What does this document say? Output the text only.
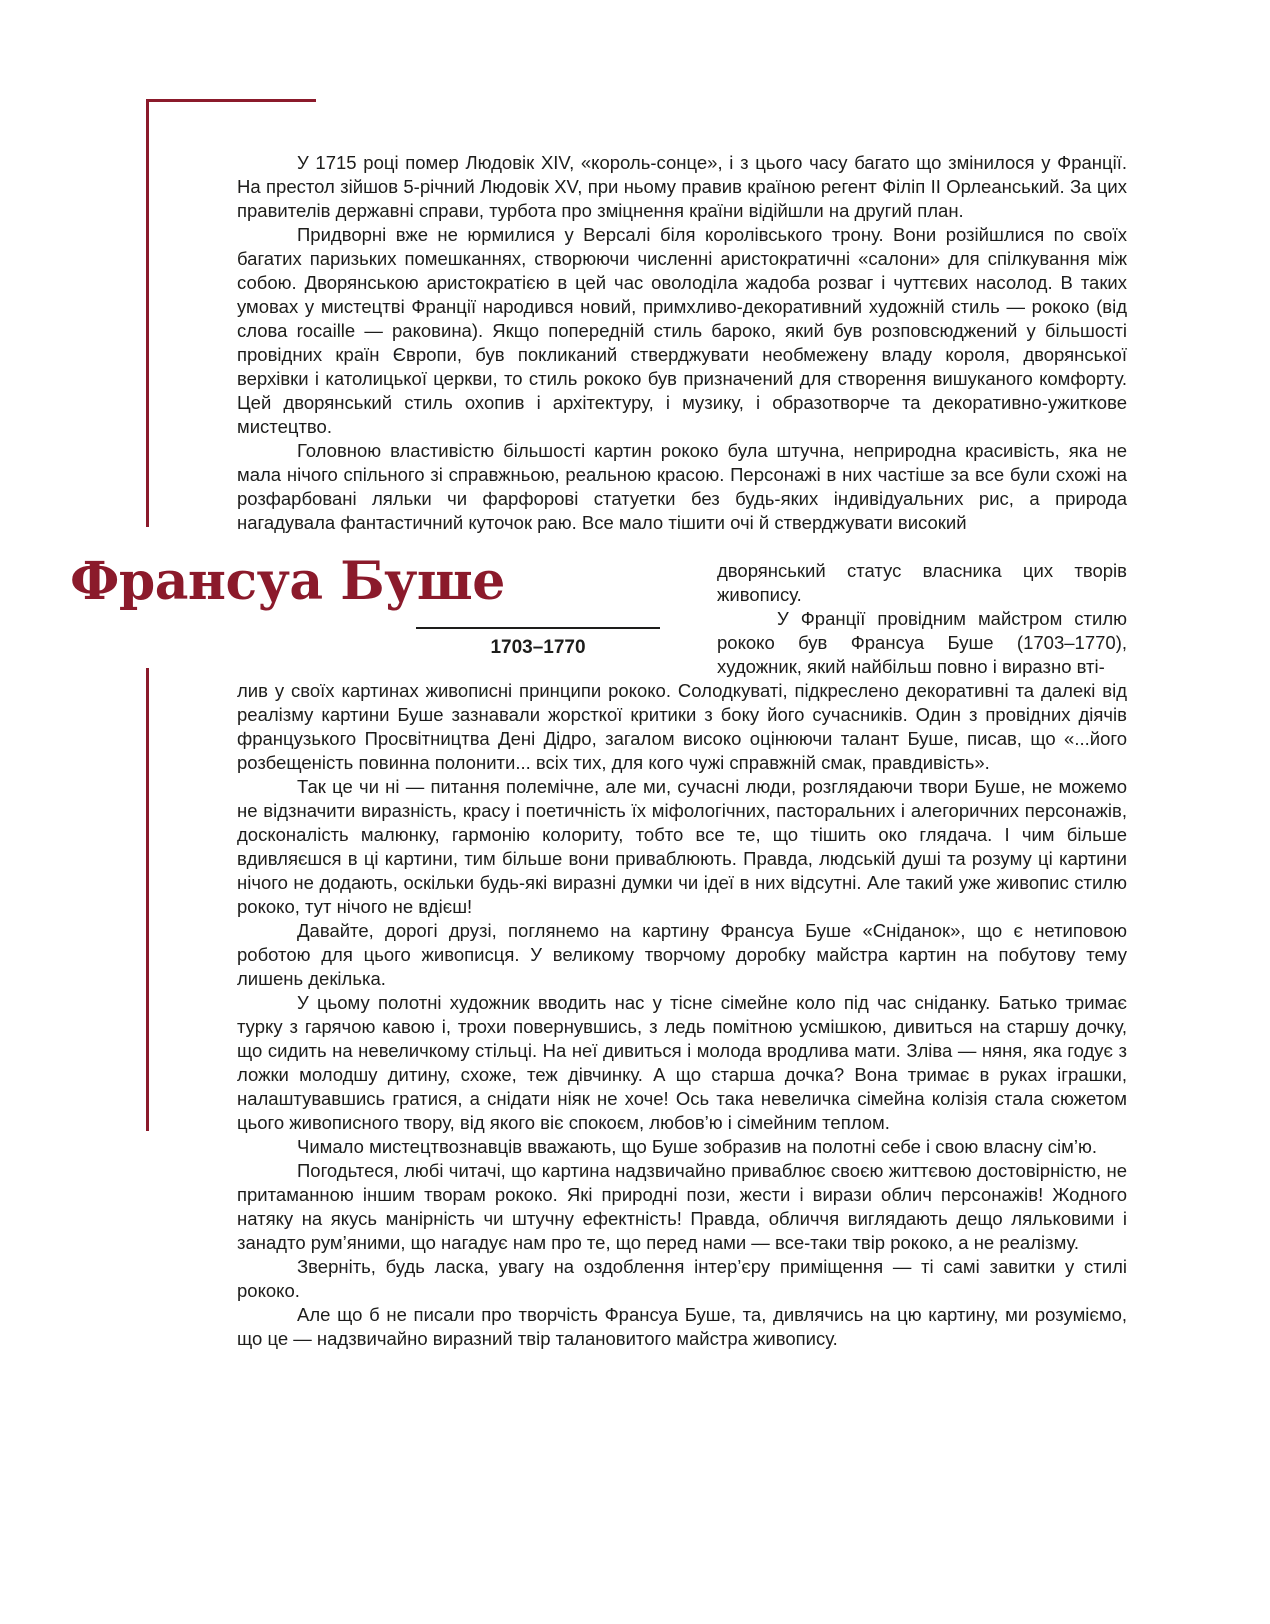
У 1715 році помер Людовік XIV, «король-сонце», і з цього часу багато що змінилося у Франції. На престол зійшов 5-річний Людовік XV, при ньому правив країною регент Філіп II Орлеанський. За цих правителів державні справи, турбота про зміцнення країни відійшли на другий план.

Придворні вже не юрмилися у Версалі біля королівського трону. Вони розійшлися по своїх багатих паризьких помешканнях, створюючи численні аристократичні «салони» для спілкування між собою. Дворянською аристократією в цей час оволоділа жадоба розваг і чуттєвих насолод. В таких умовах у мистецтві Франції народився новий, примхливо-декоративний художній стиль — рококо (від слова rocaille — раковина). Якщо попередній стиль бароко, який був розповсюджений у більшості провідних країн Європи, був покликаний стверджувати необмежену владу короля, дворянської верхівки і католицької церкви, то стиль рококо був призначений для створення вишуканого комфорту. Цей дворянський стиль охопив і архітектуру, і музику, і образотворче та декоративно-ужиткове мистецтво.

Головною властивістю більшості картин рококо була штучна, неприродна красивість, яка не мала нічого спільного зі справжньою, реальною красою. Персонажі в них частіше за все були схожі на розфарбовані ляльки чи фарфорові статуетки без будь-яких індивідуальних рис, а природа нагадувала фантастичний куточок раю. Все мало тішити очі й стверджувати високий

Франсуа Буше

1703–1770

дворянський статус власника цих творів живопису.

У Франції провідним майстром стилю рококо був Франсуа Буше (1703–1770), художник, який найбільш повно і виразно вті-

лив у своїх картинах живописні принципи рококо. Солодкуваті, підкреслено декоративні та далекі від реалізму картини Буше зазнавали жорсткої критики з боку його сучасників. Один з провідних діячів французького Просвітництва Дені Дідро, загалом високо оцінюючи талант Буше, писав, що «...його розбещеність повинна полонити... всіх тих, для кого чужі справжній смак, правдивість».

Так це чи ні — питання полемічне, але ми, сучасні люди, розглядаючи твори Буше, не можемо не відзначити виразність, красу і поетичність їх міфологічних, пасторальних і алегоричних персонажів, досконалість малюнку, гармонію колориту, тобто все те, що тішить око глядача. І чим більше вдивляєшся в ці картини, тим більше вони приваблюють. Правда, людській душі та розуму ці картини нічого не додають, оскільки будь-які виразні думки чи ідеї в них відсутні. Але такий уже живопис стилю рококо, тут нічого не вдієш!

Давайте, дорогі друзі, поглянемо на картину Франсуа Буше «Сніданок», що є нетиповою роботою для цього живописця. У великому творчому доробку майстра картин на побутову тему лишень декілька.

У цьому полотні художник вводить нас у тісне сімейне коло під час сніданку. Батько тримає турку з гарячою кавою і, трохи повернувшись, з ледь помітною усмішкою, дивиться на старшу дочку, що сидить на невеличкому стільці. На неї дивиться і молода вродлива мати. Зліва — няня, яка годує з ложки молодшу дитину, схоже, теж дівчинку. А що старша дочка? Вона тримає в руках іграшки, налаштувавшись гратися, а снідати ніяк не хоче! Ось така невеличка сімейна колізія стала сюжетом цього живописного твору, від якого віє спокоєм, любов’ю і сімейним теплом.

Чимало мистецтвознавців вважають, що Буше зобразив на полотні себе і свою власну сім’ю.

Погодьтеся, любі читачі, що картина надзвичайно приваблює своєю життєвою достовірністю, не притаманною іншим творам рококо. Які природні пози, жести і вирази облич персонажів! Жодного натяку на якусь манірність чи штучну ефектність! Правда, обличчя виглядають дещо ляльковими і занадто рум’яними, що нагадує нам про те, що перед нами — все-таки твір рококо, а не реалізму.

Зверніть, будь ласка, увагу на оздоблення інтер’єру приміщення — ті самі завитки у стилі рококо.

Але що б не писали про творчість Франсуа Буше, та, дивлячись на цю картину, ми розуміємо, що це — надзвичайно виразний твір талановитого майстра живопису.
